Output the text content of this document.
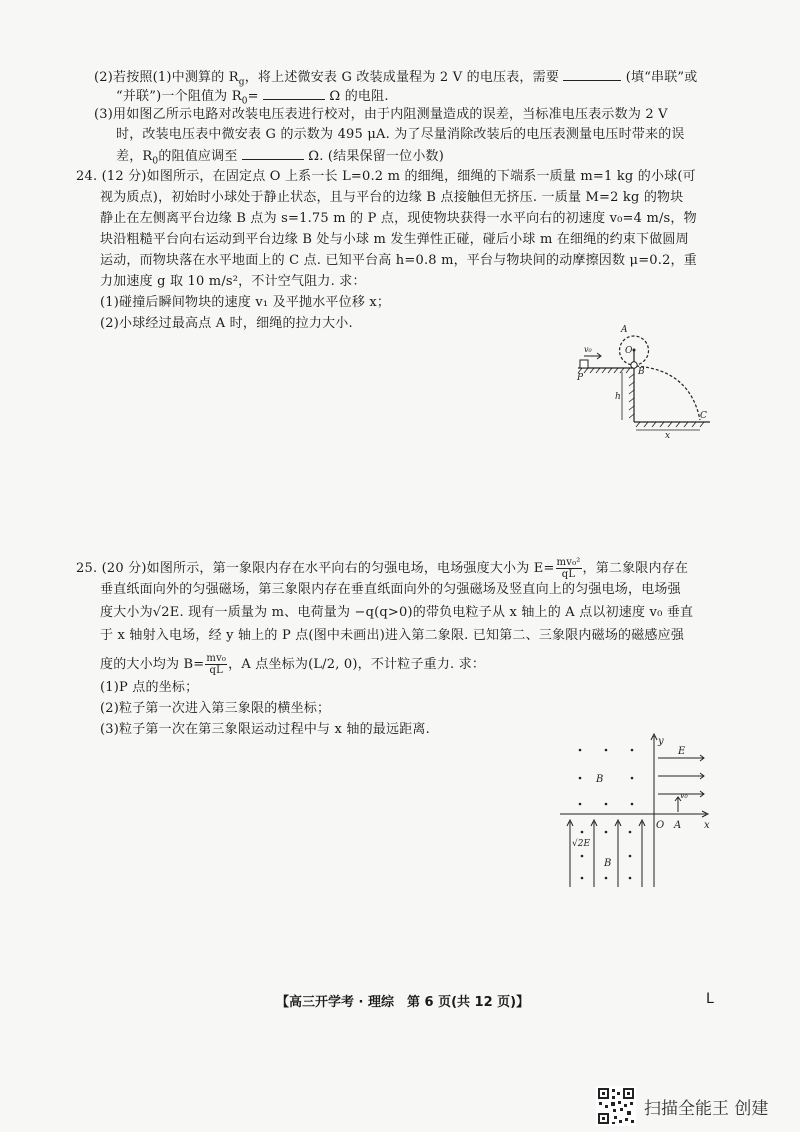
(2)若按照(1)中测算的 $R_g$，将上述微安表 G 改装成量程为 2 V 的电压表，需要	(填“串联”或
“并联”)一个阻值为 $R_0=$	Ω 的电阻.
(3)用如图乙所示电路对改装电压表进行校对，由于内阻测量造成的误差，当标准电压表示数为 2 V
时，改装电压表中微安表 G 的示数为 495 μA. 为了尽量消除改装后的电压表测量电压时带来的误
差，$R_0$的阻值应调至	Ω. (结果保留一位小数)
24. (12 分)如图所示，在固定点 O 上系一长 L=0.2 m 的细绳，细绳的下端系一质量 m=1 kg 的小球(可
视为质点)，初始时小球处于静止状态，且与平台的边缘 B 点接触但无挤压. 一质量 M=2 kg 的物块
静止在左侧离平台边缘 B 点为 s=1.75 m 的 P 点，现使物块获得一水平向右的初速度 v₀=4 m/s，物
块沿粗糙平台向右运动到平台边缘 B 处与小球 m 发生弹性正碰，碰后小球 m 在细绳的约束下做圆周
运动，而物块落在水平地面上的 C 点. 已知平台高 h=0.8 m，平台与物块间的动摩擦因数 μ=0.2，重
力加速度 g 取 10 m/s²，不计空气阻力. 求：
(1)碰撞后瞬间物块的速度 v₁ 及平抛水平位移 x；
(2)小球经过最高点 A 时，细绳的拉力大小.	A
O
B
P
h
C
x
v₀
25. (20 分)如图所示，第一象限内存在水平向右的匀强电场，电场强度大小为 $E= \frac{\text{mv₀²}}{qL}$ ，第二象限内存在
垂直纸面向外的匀强磁场，第三象限内存在垂直纸面向外的匀强磁场及竖直向上的匀强电场，电场强
度大小为√2E. 现有一质量为 m、电荷量为 −q(q>0)的带负电粒子从 x 轴上的 A 点以初速度 v₀ 垂直
于 x 轴射入电场，经 y 轴上的 P 点(图中未画出)进入第二象限. 已知第二、三象限内磁场的磁感应强
度的大小均为 $B= \frac{\text{mv₀}}{qL}$ ，A 点坐标为(L/2, 0)，不计粒子重力. 求：
(1)P 点的坐标；
(2)粒子第一次进入第三象限的横坐标；
(3)粒子第一次在第三象限运动过程中与 x 轴的最远距离.
y
x
O A
E
B
B
√2E
v₀
【高三开学考 · 理综　第 6 页(共 12 页)】	L
扫描全能王 创建
